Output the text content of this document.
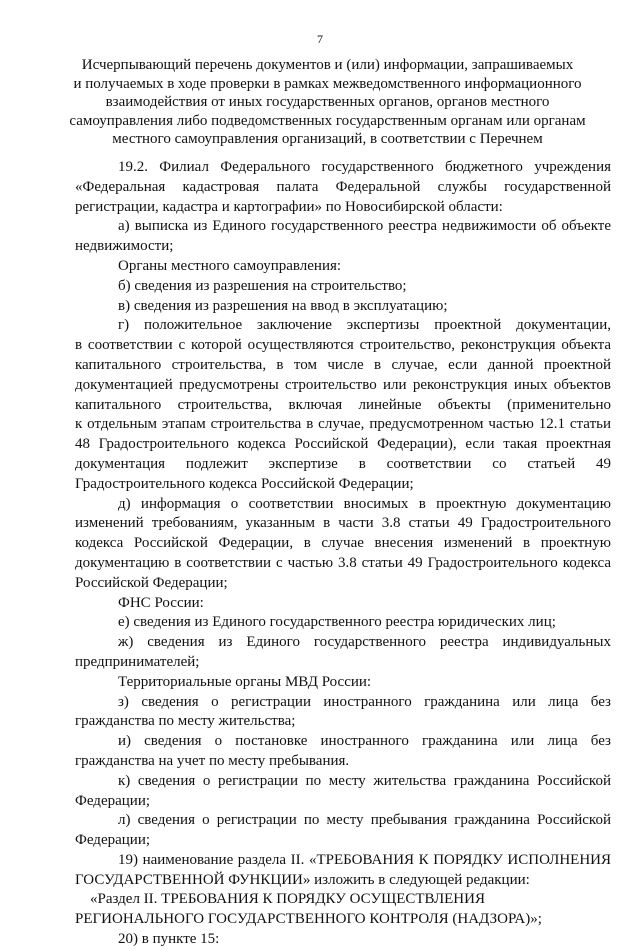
7
Исчерпывающий перечень документов и (или) информации, запрашиваемых
и получаемых в ходе проверки в рамках межведомственного информационного
взаимодействия от иных государственных органов, органов местного
самоуправления либо подведомственных государственным органам или органам
местного самоуправления организаций, в соответствии с Перечнем
19.2. Филиал Федерального государственного бюджетного учреждения
«Федеральная кадастровая палата Федеральной службы государственной
регистрации, кадастра и картографии» по Новосибирской области:
а) выписка из Единого государственного реестра недвижимости об объекте
недвижимости;
Органы местного самоуправления:
б) сведения из разрешения на строительство;
в) сведения из разрешения на ввод в эксплуатацию;
г) положительное заключение экспертизы проектной документации,
в соответствии с которой осуществляются строительство, реконструкция объекта
капитального строительства, в том числе в случае, если данной проектной
документацией предусмотрены строительство или реконструкция иных объектов
капитального строительства, включая линейные объекты (применительно
к отдельным этапам строительства в случае, предусмотренном частью 12.1 статьи
48 Градостроительного кодекса Российской Федерации), если такая проектная
документация подлежит экспертизе в соответствии со статьей 49
Градостроительного кодекса Российской Федерации;
д) информация о соответствии вносимых в проектную документацию
изменений требованиям, указанным в части 3.8 статьи 49 Градостроительного
кодекса Российской Федерации, в случае внесения изменений в проектную
документацию в соответствии с частью 3.8 статьи 49 Градостроительного кодекса
Российской Федерации;
ФНС России:
е) сведения из Единого государственного реестра юридических лиц;
ж) сведения из Единого государственного реестра индивидуальных
предпринимателей;
Территориальные органы МВД России:
з) сведения о регистрации иностранного гражданина или лица без
гражданства по месту жительства;
и) сведения о постановке иностранного гражданина или лица без
гражданства на учет по месту пребывания.
к) сведения о регистрации по месту жительства гражданина Российской
Федерации;
л) сведения о регистрации по месту пребывания гражданина Российской
Федерации;
19) наименование раздела II. «ТРЕБОВАНИЯ К ПОРЯДКУ ИСПОЛНЕНИЯ
ГОСУДАРСТВЕННОЙ ФУНКЦИИ» изложить в следующей редакции:
«Раздел II. ТРЕБОВАНИЯ К ПОРЯДКУ ОСУЩЕСТВЛЕНИЯ
РЕГИОНАЛЬНОГО ГОСУДАРСТВЕННОГО КОНТРОЛЯ (НАДЗОРА)»;
20) в пункте 15:
